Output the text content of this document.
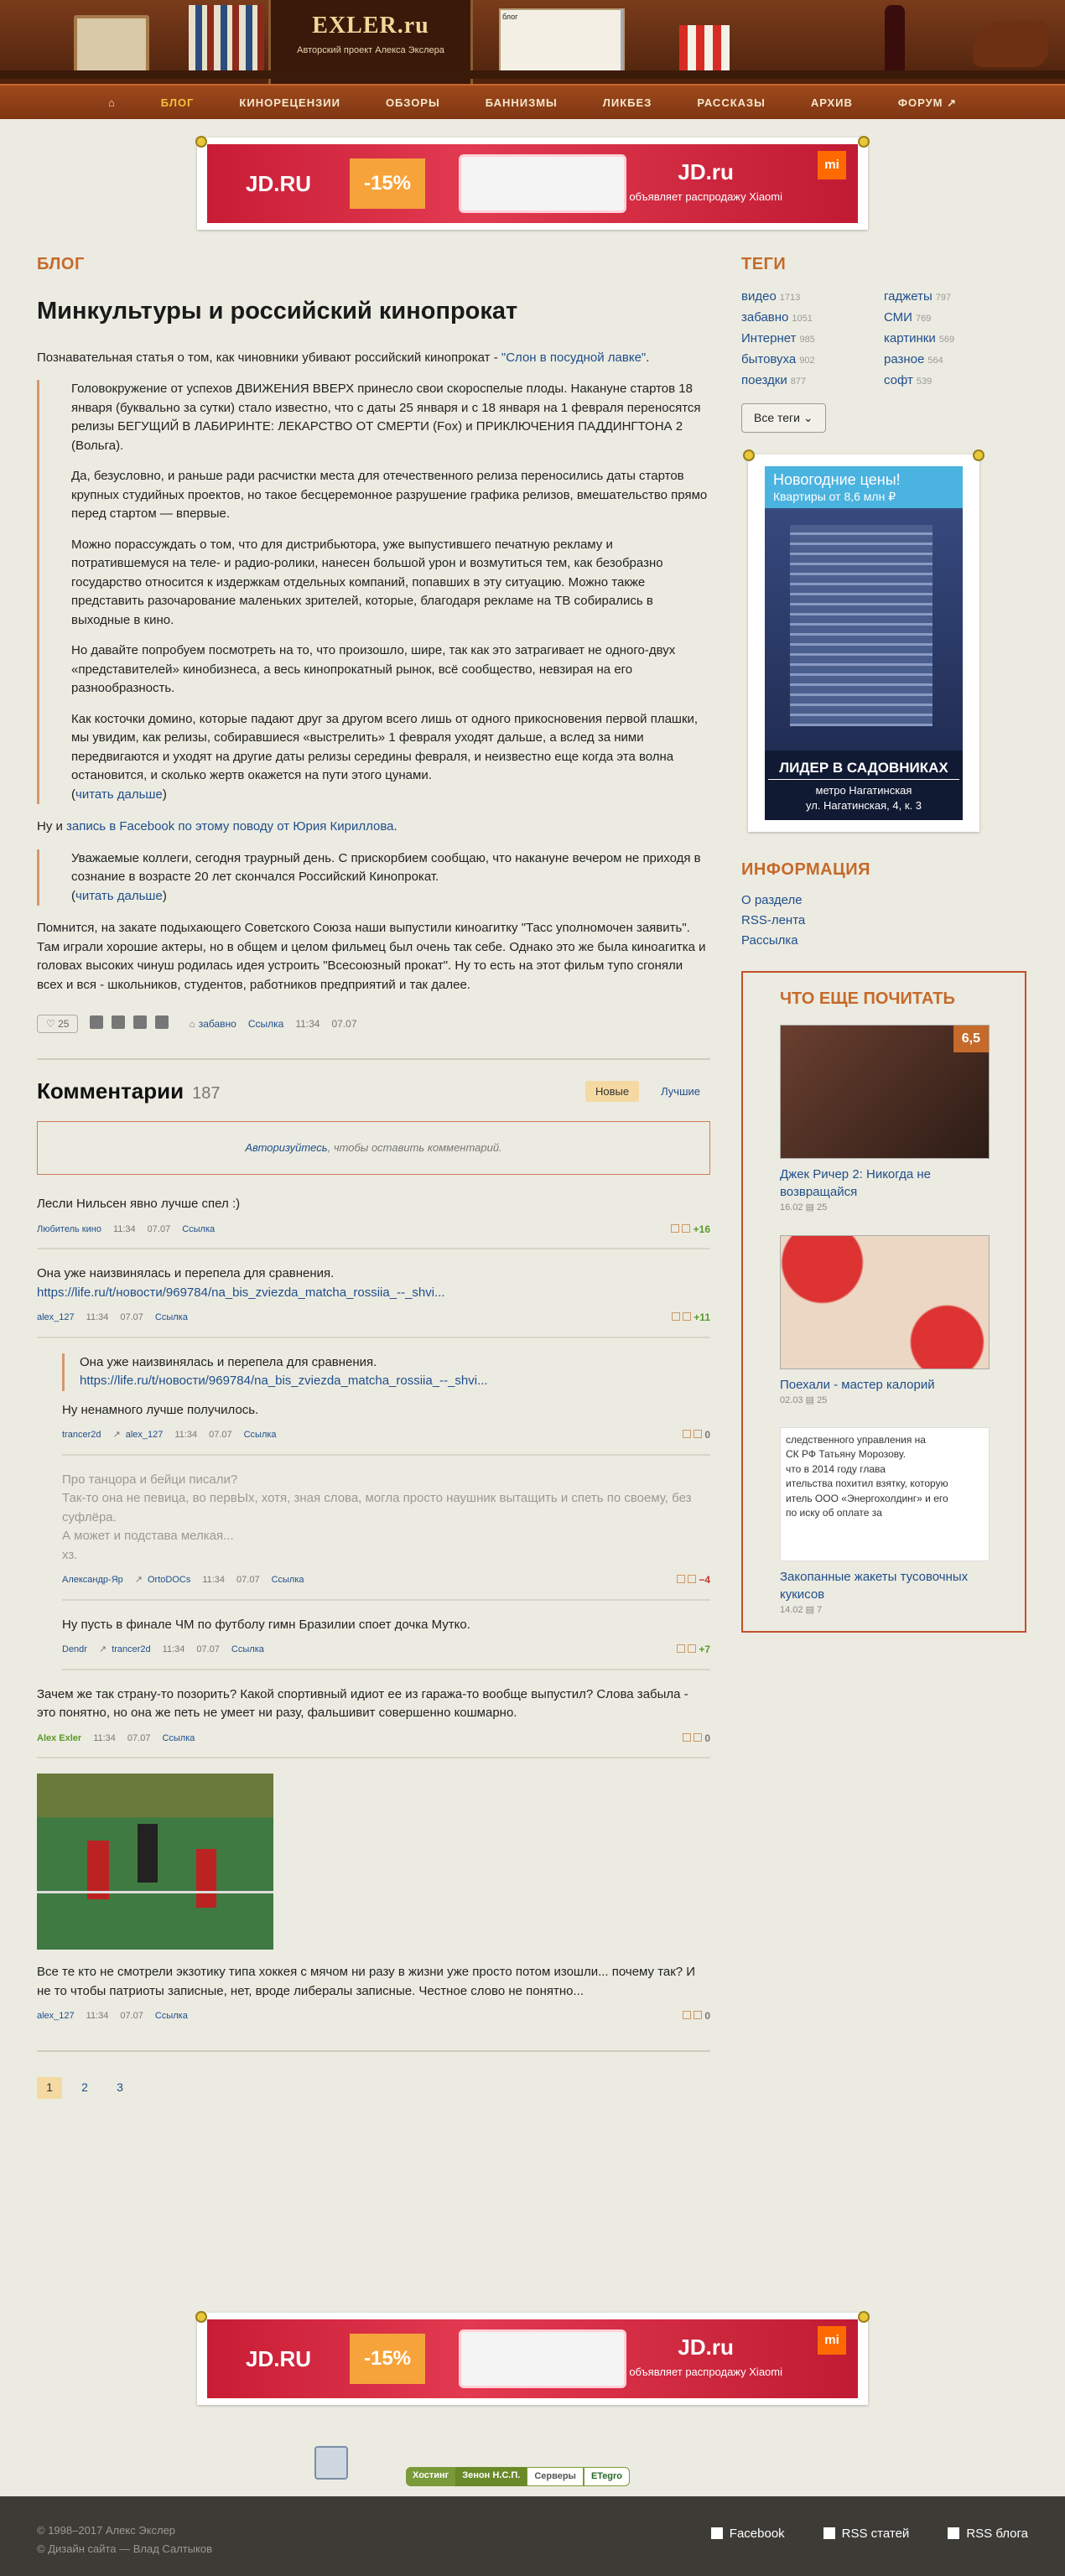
EXLER.ru
Авторский проект Алекса Экслера
блог
⌂	БЛОГ	КИНОРЕЦЕНЗИИ	ОБЗОРЫ	БАННИЗМЫ	ЛИКБЕЗ	РАССКАЗЫ	АРХИВ	ФОРУМ ↗
JD.RU	-15%	JD.ru
объявляет распродажу Xiaomi
mi
БЛОГ
Минкультуры и российский кинопрокат

Познавательная статья о том, как чиновники убивают российский кинопрокат - "Слон в посудной лавке".

Головокружение от успехов ДВИЖЕНИЯ ВВЕРХ принесло свои скороспелые плоды. Накануне стартов 18 января (буквально за сутки) стало известно, что с даты 25 января и с 18 января на 1 февраля переносятся релизы БЕГУЩИЙ В ЛАБИРИНТЕ: ЛЕКАРСТВО ОТ СМЕРТИ (Fox) и ПРИКЛЮЧЕНИЯ ПАДДИНГТОНА 2 (Вольга).

Да, безусловно, и раньше ради расчистки места для отечественного релиза переносились даты стартов крупных студийных проектов, но такое бесцеремонное разрушение графика релизов, вмешательство прямо перед стартом — впервые.

Можно порассуждать о том, что для дистрибьютора, уже выпустившего печатную рекламу и потратившемуся на теле- и радио-ролики, нанесен большой урон и возмутиться тем, как безобразно государство относится к издержкам отдельных компаний, попавших в эту ситуацию. Можно также представить разочарование маленьких зрителей, которые, благодаря рекламе на ТВ собирались в выходные в кино.

Но давайте попробуем посмотреть на то, что произошло, шире, так как это затрагивает не одного-двух «представителей» кинобизнеса, а весь кинопрокатный рынок, всё сообщество, невзирая на его разнообразность.

Как косточки домино, которые падают друг за другом всего лишь от одного прикосновения первой плашки, мы увидим, как релизы, собиравшиеся «выстрелить» 1 февраля уходят дальше, а вслед за ними передвигаются и уходят на другие даты релизы середины февраля, и неизвестно еще когда эта волна остановится, и сколько жертв окажется на пути этого цунами.
(читать дальше)

Ну и запись в Facebook по этому поводу от Юрия Кириллова.

Уважаемые коллеги, сегодня траурный день. С прискорбием сообщаю, что накануне вечером не приходя в сознание в возрасте 20 лет скончался Российский Кинопрокат.
(читать дальше)

Помнится, на закате подыхающего Советского Союза наши выпустили киноагитку "Тасс уполномочен заявить". Там играли хорошие актеры, но в общем и целом фильмец был очень так себе. Однако это же была киноагитка и головах высоких чинуш родилась идея устроить "Всесоюзный прокат". Ну то есть на этот фильм тупо сгоняли всех и вся - школьников, студентов, работников предприятий и так далее.

♡ 25	⌂ забавно Ссылка 11:34 07.07
Комментарии 187	Новые	Лучшие
Авторизуйтесь , чтобы оставить комментарий.
Лесли Нильсен явно лучше спел :)
Любитель кино 11:34 07.07 Ссылка	+16
Она уже наизвинялась и перепела для сравнения.
https://life.ru/t/новости/969784/na_bis_zviezda_matcha_rossiia_--_shvi...
alex_127 11:34 07.07 Ссылка	+11
Она уже наизвинялась и перепела для сравнения.
https://life.ru/t/новости/969784/na_bis_zviezda_matcha_rossiia_--_shvi...
Ну ненамного лучше получилось.
trancer2d ↗ alex_127 11:34 07.07 Ссылка	0
Про танцора и бейци писали?
Так-то она не певица, во первЫх, хотя, зная слова, могла просто наушник вытащить и спеть по своему, без суфлёра.
А может и подстава мелкая...
хз.
Александр-Яр ↗ OrtoDOCs 11:34 07.07 Ссылка	−4
Ну пусть в финале ЧМ по футболу гимн Бразилии споет дочка Мутко.
Dendr ↗ trancer2d 11:34 07.07 Ссылка	+7
Зачем же так страну-то позорить? Какой спортивный идиот ее из гаража-то вообще выпустил? Слова забыла - это понятно, но она же петь не умеет ни разу, фальшивит совершенно кошмарно.
Alex Exler 11:34 07.07 Ссылка	0
Все те кто не смотрели экзотику типа хоккея с мячом ни разу в жизни уже просто потом изошли... почему так? И не то чтобы патриоты записные, нет, вроде либералы записные. Честное слово не понятно...
alex_127 11:34 07.07 Ссылка	0
1	2	3
ТЕГИ
видео 1713	гаджеты 797
забавно 1051	СМИ 769
Интернет 985	картинки 569
бытовуха 902	разное 564
поездки 877	софт 539
Все теги ⌄
Новогодние цены!
Квартиры от 8,6 млн ₽
ЛИДЕР В САДОВНИКАХ
метро Нагатинская
ул. Нагатинская, 4, к. 3
ИНФОРМАЦИЯ
О разделе
RSS-лента
Рассылка
ЧТО ЕЩЕ ПОЧИТАТЬ
6,5
Джек Ричер 2: Никогда не возвращайся
16.02 ▤ 25
Поехали - мастер калорий
02.03 ▤ 25
следственного управления на
СК РФ Татьяну Морозову.
что в 2014 году глава
ительства похитил взятку, которую
итель ООО «Энергохолдинг» и его
по иску об оплате за
Закопанные жакеты тусовочных кукисов
14.02 ▤ 7
JD.RU	-15%	JD.ru
объявляет распродажу Xiaomi
mi
Хостинг	Зенон Н.С.П.	Серверы	ETegro
© 1998–2017 Алекс Экслер
© Дизайн сайта — Влад Салтыков
Facebook	RSS статей	RSS блога
